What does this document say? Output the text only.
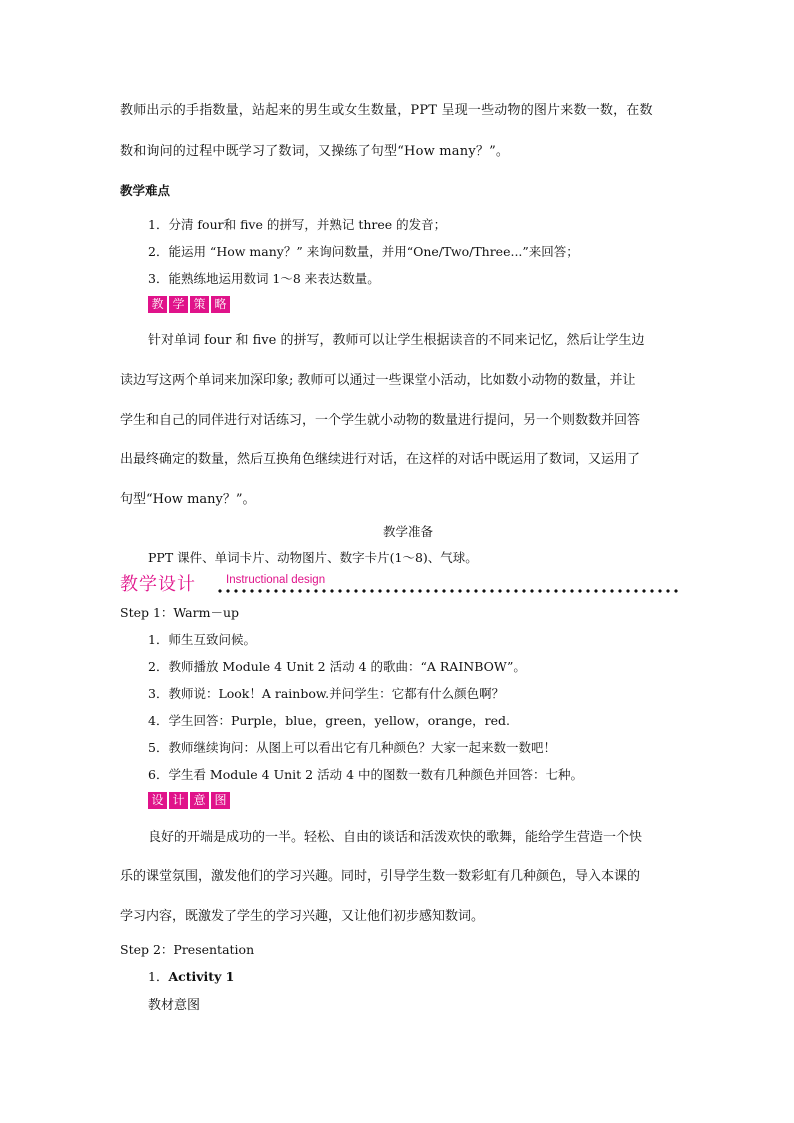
教师出示的手指数量，站起来的男生或女生数量，PPT 呈现一些动物的图片来数一数，在数
数和询问的过程中既学习了数词，又操练了句型“How many？”。
教学难点
1．分清 four和 five 的拼写，并熟记 three 的发音；
2．能运用 “How many？” 来询问数量，并用“One/Two/Three...”来回答；
3．能熟练地运用数词 1～8 来表达数量。
教 学 策 略
针对单词 four 和 five 的拼写，教师可以让学生根据读音的不同来记忆，然后让学生边
读边写这两个单词来加深印象; 教师可以通过一些课堂小活动，比如数小动物的数量，并让
学生和自己的同伴进行对话练习，一个学生就小动物的数量进行提问，另一个则数数并回答
出最终确定的数量，然后互换角色继续进行对话，在这样的对话中既运用了数词，又运用了
句型“How many？”。
教学准备
PPT 课件、单词卡片、动物图片、数字卡片(1～8)、气球。
教学设计	Instructional design
Step 1：Warm－up
1．师生互致问候。
2．教师播放 Module 4 Unit 2 活动 4 的歌曲：“A RAINBOW”。
3．教师说：Look！A rainbow.并问学生：它都有什么颜色啊？
4．学生回答：Purple，blue，green，yellow，orange，red.
5．教师继续询问：从图上可以看出它有几种颜色？大家一起来数一数吧！
6．学生看 Module 4 Unit 2 活动 4 中的图数一数有几种颜色并回答：七种。
设 计 意 图
良好的开端是成功的一半。轻松、自由的谈话和活泼欢快的歌舞，能给学生营造一个快
乐的课堂氛围，激发他们的学习兴趣。同时，引导学生数一数彩虹有几种颜色，导入本课的
学习内容，既激发了学生的学习兴趣，又让他们初步感知数词。
Step 2：Presentation
1．Activity 1
教材意图
